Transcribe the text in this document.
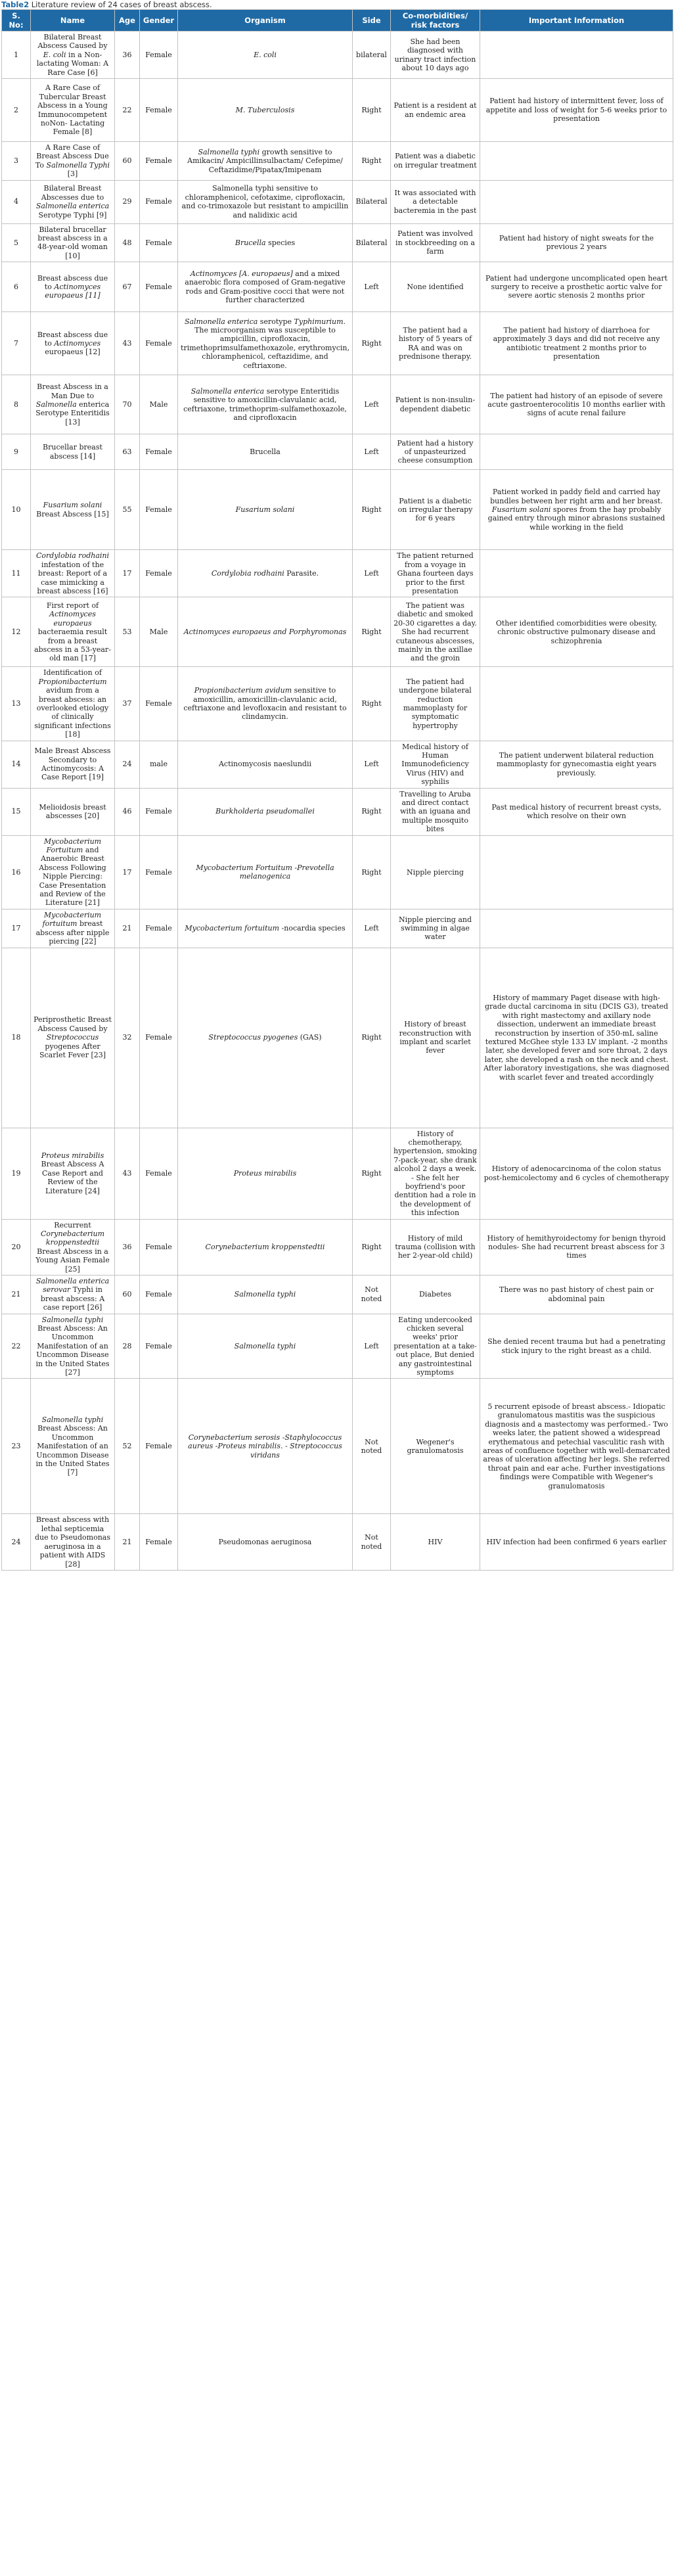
Table2 Literature review of 24 cases of breast abscess.
S. No:	Name	Age	Gender	Organism	Side	Co-morbidities/ risk factors	Important Information
1	Bilateral Breast Abscess Caused by E. coli in a Non-lactating Woman: A Rare Case [6]	36	Female	E. coli	bilateral	She had been diagnosed with urinary tract infection about 10 days ago	
2	A Rare Case of Tubercular Breast Abscess in a Young Immunocompetent noNon- Lactating Female [8]	22	Female	M. Tuberculosis	Right	Patient is a resident at an endemic area	Patient had history of intermittent fever, loss of appetite and loss of weight for 5-6 weeks prior to presentation
3	A Rare Case of Breast Abscess Due To Salmonella Typhi [3]	60	Female	Salmonella typhi growth sensitive to Amikacin/ Ampicillinsulbactam/ Cefepime/ Ceftazidime/Pipatax/Imipenam	Right	Patient was a diabetic on irregular treatment	
4	Bilateral Breast Abscesses due to Salmonella enterica Serotype Typhi [9]	29	Female	Salmonella typhi sensitive to chloramphenicol, cefotaxime, ciprofloxacin, and co-trimoxazole but resistant to ampicillin and nalidixic acid	Bilateral	It was associated with a detectable bacteremia in the past	
5	Bilateral brucellar breast abscess in a 48-year-old woman [10]	48	Female	Brucella species	Bilateral	Patient was involved in stockbreeding on a farm	Patient had history of night sweats for the previous 2 years
6	Breast abscess due to Actinomyces europaeus [11]	67	Female	Actinomyces [A. europaeus] and a mixed anaerobic flora composed of Gram-negative rods and Gram-positive cocci that were not further characterized	Left	None identified	Patient had undergone uncomplicated open heart surgery to receive a prosthetic aortic valve for severe aortic stenosis 2 months prior
7	Breast abscess due to Actinomyces europaeus [12]	43	Female	Salmonella enterica serotype Typhimurium. The microorganism was susceptible to ampicillin, ciprofloxacin, trimethoprimsulfamethoxazole, erythromycin, chloramphenicol, ceftazidime, and ceftriaxone.	Right	The patient had a history of 5 years of RA and was on prednisone therapy.	The patient had history of diarrhoea for approximately 3 days and did not receive any antibiotic treatment 2 months prior to presentation
8	Breast Abscess in a Man Due to Salmonella enterica Serotype Enteritidis [13]	70	Male	Salmonella enterica serotype Enteritidis sensitive to amoxicillin-clavulanic acid, ceftriaxone, trimethoprim-sulfamethoxazole, and ciprofloxacin	Left	Patient is non-insulin-dependent diabetic	The patient had history of an episode of severe acute gastroenterocolitis 10 months earlier with signs of acute renal failure
9	Brucellar breast abscess [14]	63	Female	Brucella	Left	Patient had a history of unpasteurized cheese consumption	
10	Fusarium solani Breast Abscess [15]	55	Female	Fusarium solani	Right	Patient is a diabetic on irregular therapy for 6 years	Patient worked in paddy field and carried hay bundles between her right arm and her breast. Fusarium solani spores from the hay probably gained entry through minor abrasions sustained while working in the field
11	Cordylobia rodhaini infestation of the breast: Report of a case mimicking a breast abscess [16]	17	Female	Cordylobia rodhaini Parasite.	Left	The patient returned from a voyage in Ghana fourteen days prior to the first presentation	
12	First report of Actinomyces europaeus bacteraemia result from a breast abscess in a 53-year-old man [17]	53	Male	Actinomyces europaeus and Porphyromonas	Right	The patient was diabetic and smoked 20-30 cigarettes a day. She had recurrent cutaneous abscesses, mainly in the axillae and the groin	Other identified comorbidities were obesity, chronic obstructive pulmonary disease and schizophrenia
13	Identification of Propionibacterium avidum from a breast abscess: an overlooked etiology of clinically significant infections [18]	37	Female	Propionibacterium avidum sensitive to amoxicillin, amoxicillin-clavulanic acid, ceftriaxone and levofloxacin and resistant to clindamycin.	Right	The patient had undergone bilateral reduction mammoplasty for symptomatic hypertrophy	
14	Male Breast Abscess Secondary to Actinomycosis: A Case Report [19]	24	male	Actinomycosis naeslundii	Left	Medical history of Human Immunodeficiency Virus (HIV) and syphilis	The patient underwent bilateral reduction mammoplasty for gynecomastia eight years previously.
15	Melioidosis breast abscesses [20]	46	Female	Burkholderia pseudomallei	Right	Travelling to Aruba and direct contact with an iguana and multiple mosquito bites	Past medical history of recurrent breast cysts, which resolve on their own
16	Mycobacterium Fortuitum and Anaerobic Breast Abscess Following Nipple Piercing: Case Presentation and Review of the Literature [21]	17	Female	Mycobacterium Fortuitum -Prevotella melanogenica	Right	Nipple piercing	
17	Mycobacterium fortuitum breast abscess after nipple piercing [22]	21	Female	Mycobacterium fortuitum -nocardia species	Left	Nipple piercing and swimming in algae water	
18	Periprosthetic Breast Abscess Caused by Streptococcus pyogenes After Scarlet Fever [23]	32	Female	Streptococcus pyogenes (GAS)	Right	History of breast reconstruction with implant and scarlet fever	History of mammary Paget disease with high-grade ductal carcinoma in situ (DCIS G3), treated with right mastectomy and axillary node dissection, underwent an immediate breast reconstruction by insertion of 350-mL saline textured McGhee style 133 LV implant. -2 months later, she developed fever and sore throat, 2 days later, she developed a rash on the neck and chest. After laboratory investigations, she was diagnosed with scarlet fever and treated accordingly
19	Proteus mirabilis Breast Abscess A Case Report and Review of the Literature [24]	43	Female	Proteus mirabilis	Right	History of chemotherapy, hypertension, smoking 7-pack-year, she drank alcohol 2 days a week. - She felt her boyfriend's poor dentition had a role in the development of this infection	History of adenocarcinoma of the colon status post-hemicolectomy and 6 cycles of chemotherapy
20	Recurrent Corynebacterium kroppenstedtii Breast Abscess in a Young Asian Female [25]	36	Female	Corynebacterium kroppenstedtii	Right	History of mild trauma (collision with her 2-year-old child)	History of hemithyroidectomy for benign thyroid nodules- She had recurrent breast abscess for 3 times
21	Salmonella enterica serovar Typhi in breast abscess: A case report [26]	60	Female	Salmonella typhi	Not noted	Diabetes	There was no past history of chest pain or abdominal pain
22	Salmonella typhi Breast Abscess: An Uncommon Manifestation of an Uncommon Disease in the United States [27]	28	Female	Salmonella typhi	Left	Eating undercooked chicken several weeks' prior presentation at a take-out place, But denied any gastrointestinal symptoms	She denied recent trauma but had a penetrating stick injury to the right breast as a child.
23	Salmonella typhi Breast Abscess: An Uncommon Manifestation of an Uncommon Disease in the United States [7]	52	Female	Corynebacterium serosis -Staphylococcus aureus -Proteus mirabilis. - Streptococcus viridans	Not noted	Wegener's granulomatosis	5 recurrent episode of breast abscess.- Idiopatic granulomatous mastitis was the suspicious diagnosis and a mastectomy was performed.- Two weeks later, the patient showed a widespread erythematous and petechial vasculitic rash with areas of confluence together with well-demarcated areas of ulceration affecting her legs. She referred throat pain and ear ache. Further investigations findings were Compatible with Wegener's granulomatosis
24	Breast abscess with lethal septicemia due to Pseudomonas aeruginosa in a patient with AIDS [28]	21	Female	Pseudomonas aeruginosa	Not noted	HIV	HIV infection had been confirmed 6 years earlier
